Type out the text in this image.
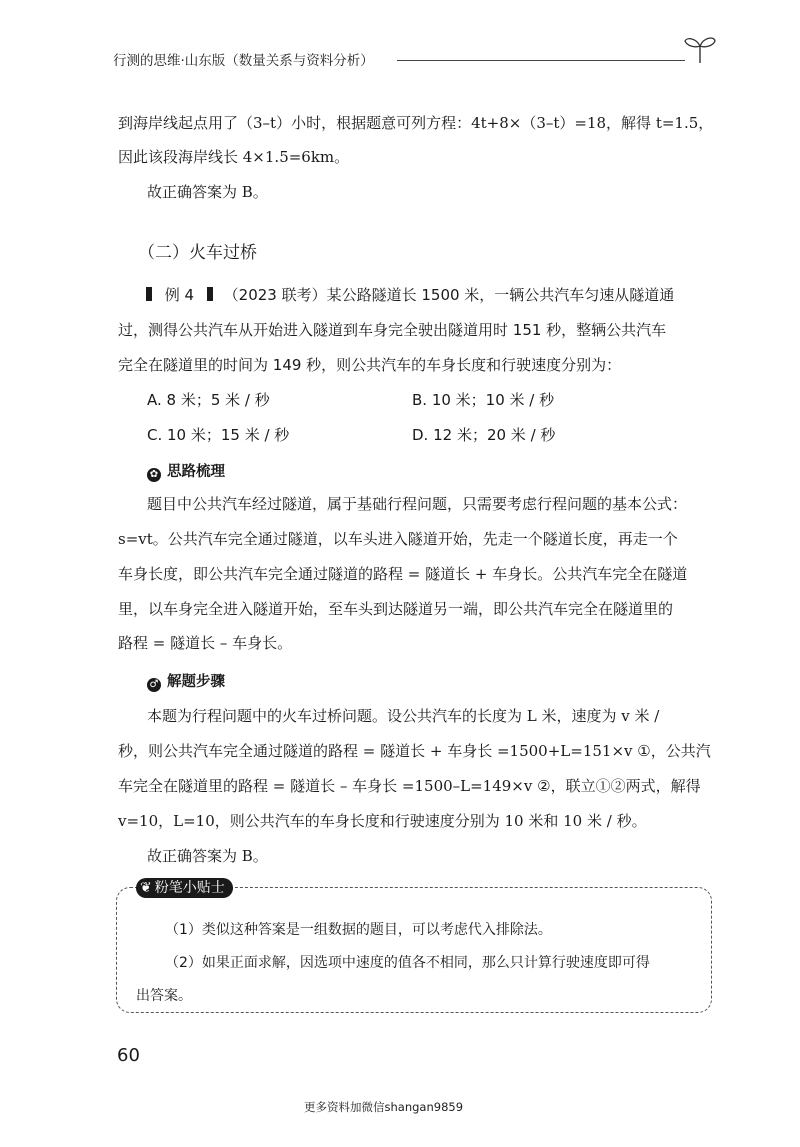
行测的思维·山东版（数量关系与资料分析）
到海岸线起点用了（3–t）小时，根据题意可列方程：4t+8×（3–t）=18，解得 t=1.5，
因此该段海岸线长 4×1.5=6km。
故正确答案为 B。
（二）火车过桥
例 4 （2023 联考）某公路隧道长 1500 米，一辆公共汽车匀速从隧道通
过，测得公共汽车从开始进入隧道到车身完全驶出隧道用时 151 秒，整辆公共汽车
完全在隧道里的时间为 149 秒，则公共汽车的车身长度和行驶速度分别为：
A. 8 米；5 米 / 秒	B. 10 米；10 米 / 秒
C. 10 米；15 米 / 秒	D. 12 米；20 米 / 秒
✿ 思路梳理
题目中公共汽车经过隧道，属于基础行程问题，只需要考虑行程问题的基本公式：
s=vt。公共汽车完全通过隧道，以车头进入隧道开始，先走一个隧道长度，再走一个
车身长度，即公共汽车完全通过隧道的路程 = 隧道长 + 车身长。公共汽车完全在隧道
里，以车身完全进入隧道开始，至车头到达隧道另一端，即公共汽车完全在隧道里的
路程 = 隧道长 – 车身长。
♂ 解题步骤
本题为行程问题中的火车过桥问题。设公共汽车的长度为 L 米，速度为 v 米 /
秒，则公共汽车完全通过隧道的路程 = 隧道长 + 车身长 =1500+L=151×v ①，公共汽
车完全在隧道里的路程 = 隧道长 – 车身长 =1500–L=149×v ②，联立①②两式，解得
v=10，L=10，则公共汽车的车身长度和行驶速度分别为 10 米和 10 米 / 秒。
故正确答案为 B。
❦ 粉笔小贴士
（1）类似这种答案是一组数据的题目，可以考虑代入排除法。
（2）如果正面求解，因选项中速度的值各不相同，那么只计算行驶速度即可得
出答案。
60
更多资料加微信shangan9859
